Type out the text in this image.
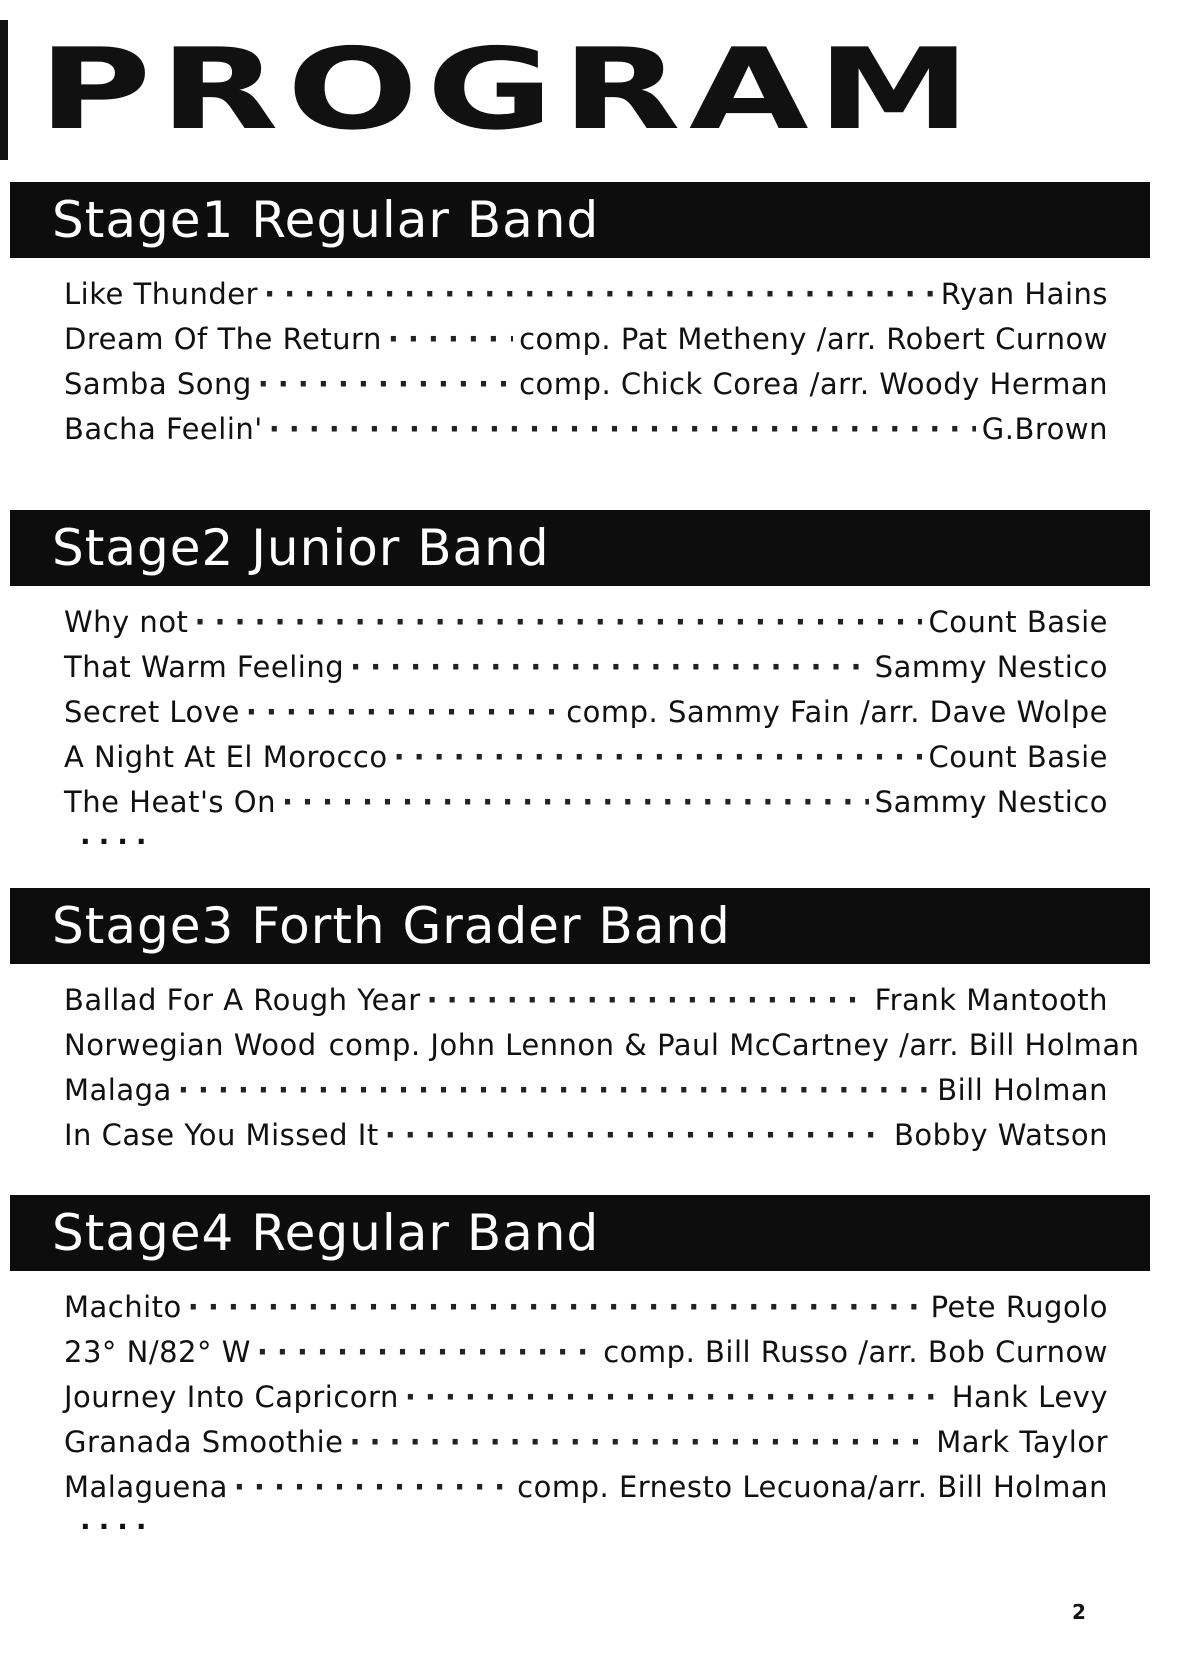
PROGRAM
Stage1 Regular Band
Like Thunder ·····	Ryan Hains
Dream Of The Return ·····	comp. Pat Metheny /arr. Robert Curnow
Samba Song ·····	comp. Chick Corea /arr. Woody Herman
Bacha Feelin' ·····	G.Brown
Stage2 Junior Band
Why not ·····	Count Basie
That Warm Feeling ·····	Sammy Nestico
Secret Love ·····	comp. Sammy Fain /arr. Dave Wolpe
A Night At El Morocco ·····	Count Basie
The Heat's On ·····	Sammy Nestico
....
Stage3 Forth Grader Band
Ballad For A Rough Year ·····	Frank Mantooth
Norwegian Wood comp. John Lennon & Paul McCartney /arr. Bill Holman
Malaga ·····	Bill Holman
In Case You Missed It ·····	Bobby Watson
Stage4 Regular Band
Machito ·····	Pete Rugolo
23° N/82° W ·····	comp. Bill Russo /arr. Bob Curnow
Journey Into Capricorn ·····	Hank Levy
Granada Smoothie ·····	Mark Taylor
Malaguena ·····	comp. Ernesto Lecuona/arr. Bill Holman
....
2
